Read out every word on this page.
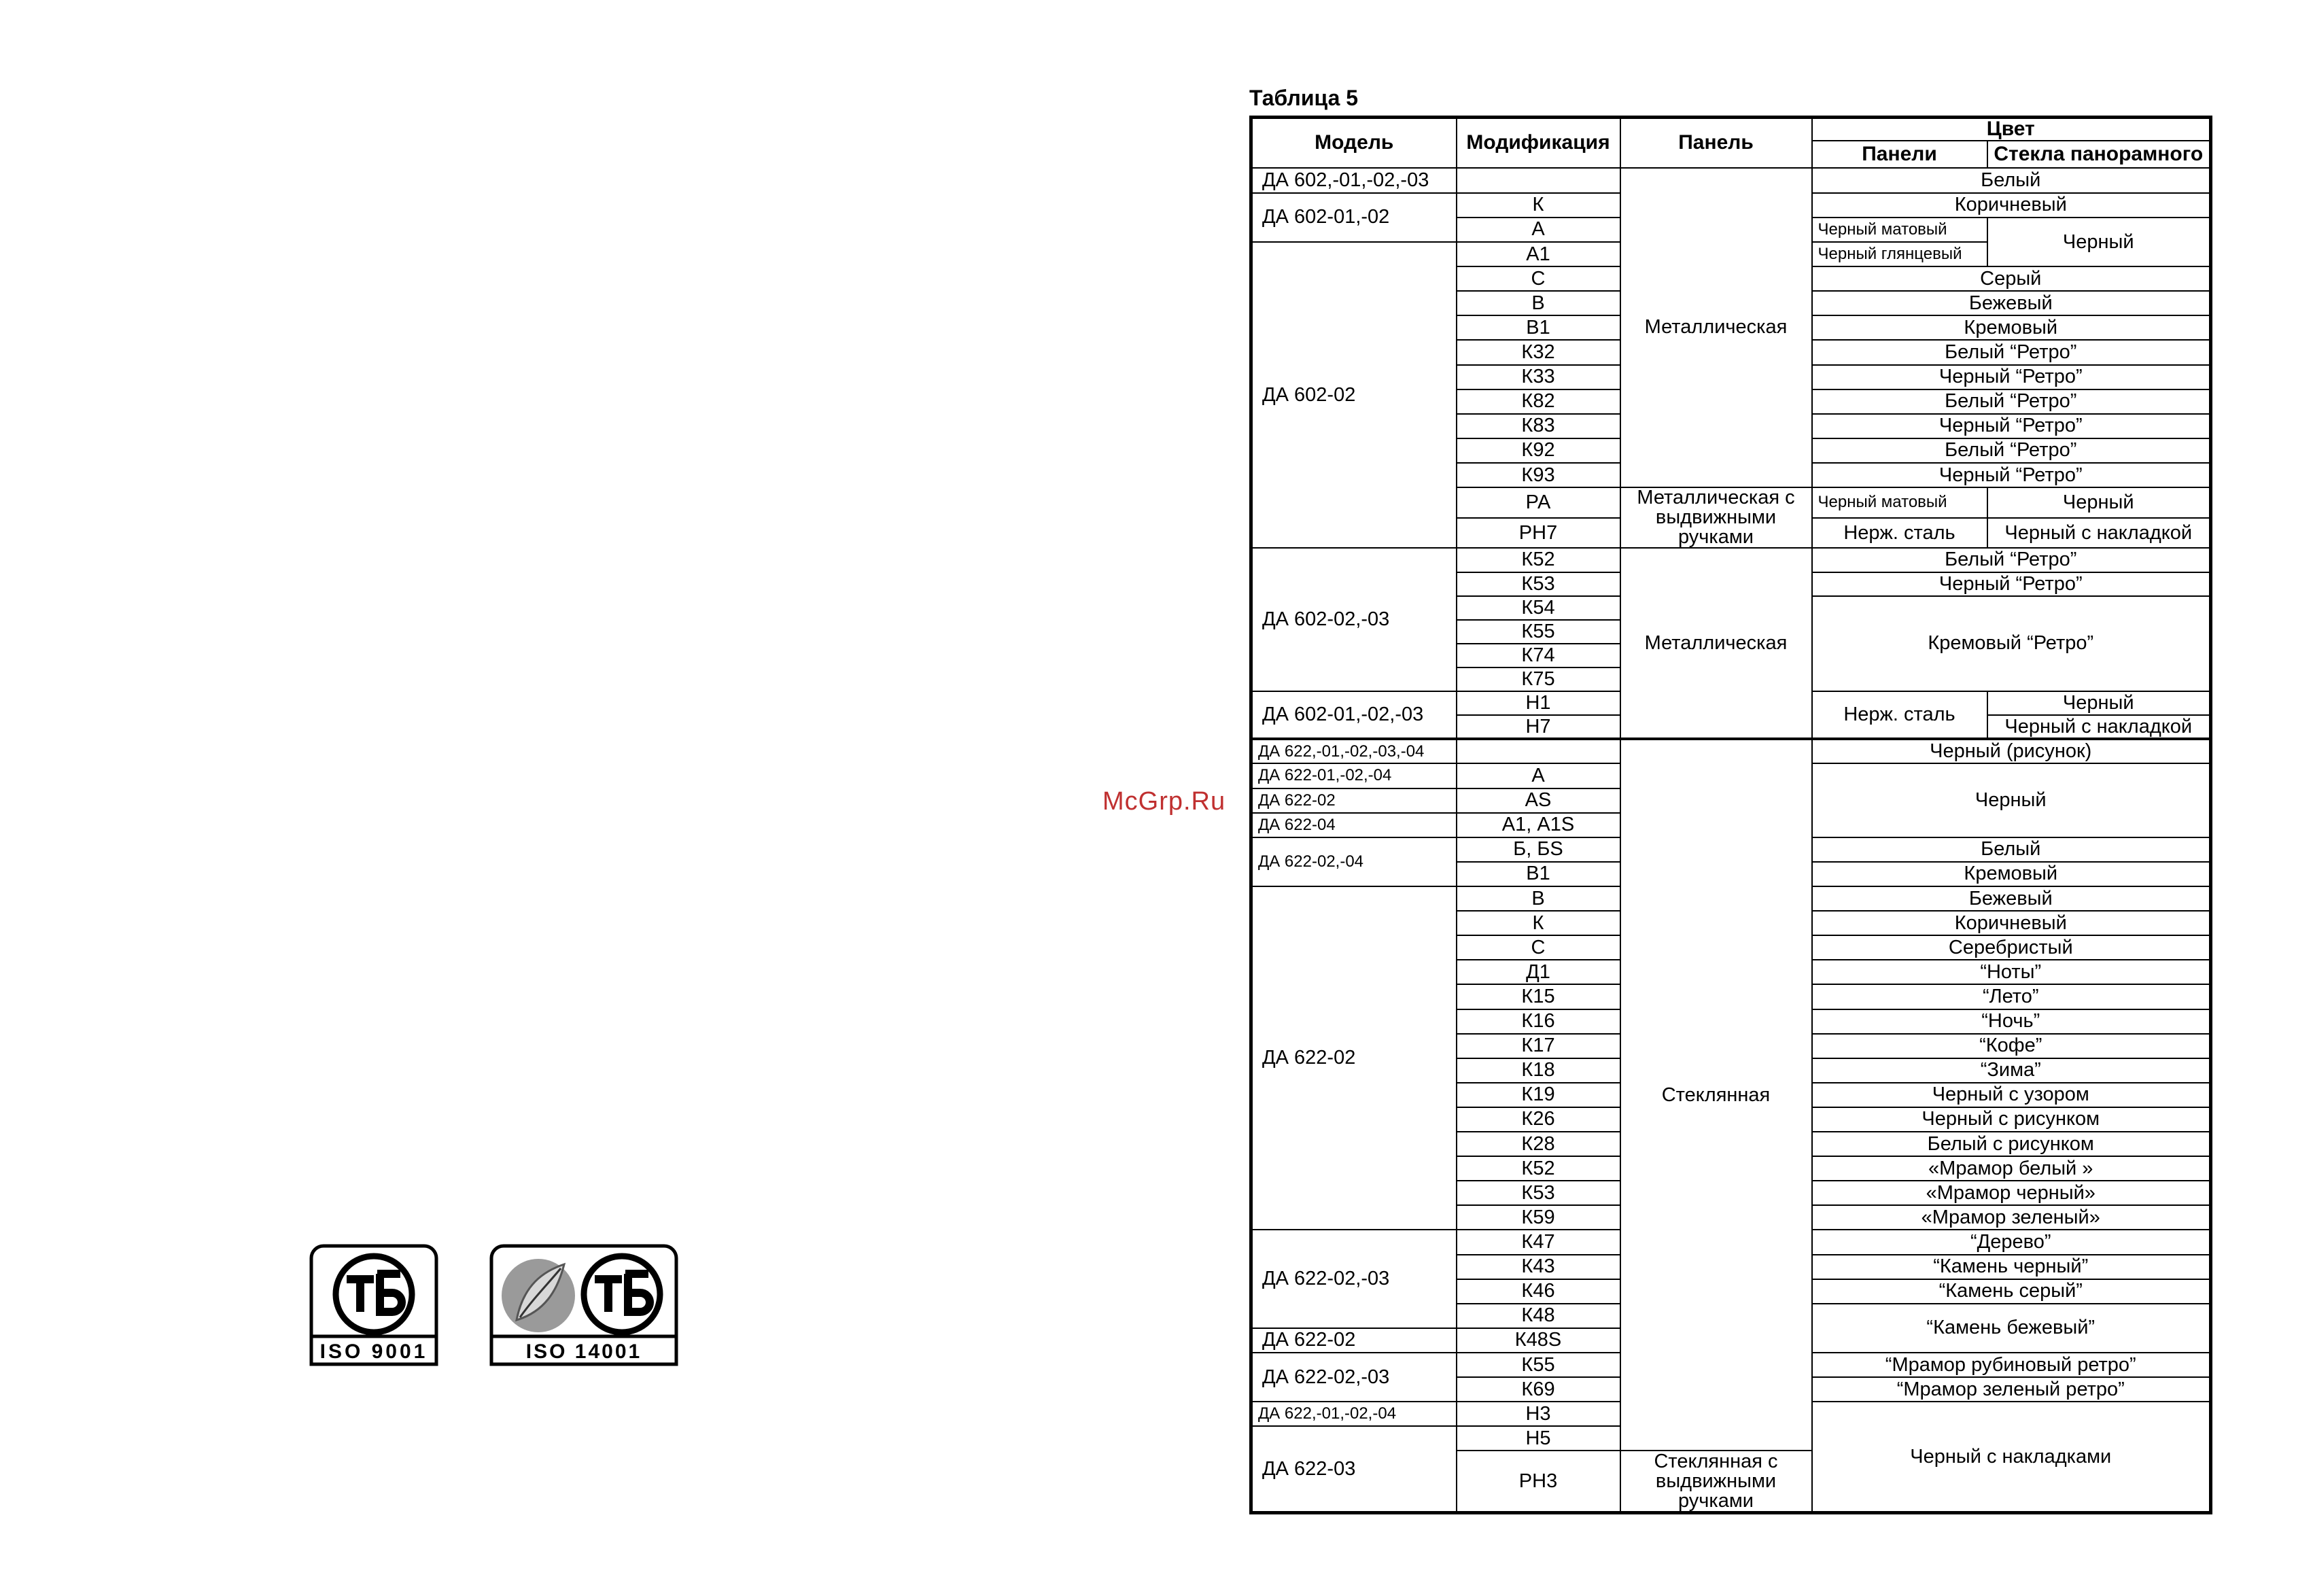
Таблица 5
McGrp.Ru
ISO 9001	ISO 14001
Модель	Модификация	Панель	Цвет	
			Панели	Стекла панорамного
ДА 602,-01,-02,-03		Металлическая	Белый	
ДА 602-01,-02	К		Коричневый	
	А		Черный матовый	Черный
ДА 602-02	А1		Черный глянцевый	
	С		Серый	
	В		Бежевый	
	В1		Кремовый	
	К32		Белый “Ретро”	
	К33		Черный “Ретро”	
	К82		Белый “Ретро”	
	К83		Черный “Ретро”	
	К92		Белый “Ретро”	
	К93		Черный “Ретро”	
	РА	Металлическая с выдвижными ручками	Черный матовый	Черный
	РН7		Нерж. сталь	Черный с накладкой
ДА 602-02,-03	К52	Металлическая	Белый “Ретро”	
	К53		Черный “Ретро”	
	К54		Кремовый “Ретро”	
	К55			
	К74			
	К75			
ДА 602-01,-02,-03	Н1		Нерж. сталь	Черный
	Н7			Черный с накладкой
ДА 622,-01,-02,-03,-04		Стеклянная	Черный (рисунок)	
ДА 622-01,-02,-04	А		Черный	
ДА 622-02	АS			
ДА 622-04	А1, А1S			
ДА 622-02,-04	Б, БS		Белый	
	В1		Кремовый	
ДА 622-02	В		Бежевый	
	К		Коричневый	
	С		Серебристый	
	Д1		“Ноты”	
	К15		“Лето”	
	К16		“Ночь”	
	К17		“Кофе”	
	К18		“Зима”	
	К19		Черный с узором	
	К26		Черный с рисунком	
	К28		Белый с рисунком	
	К52		«Мрамор белый »	
	К53		«Мрамор черный»	
	К59		«Мрамор зеленый»	
ДА 622-02,-03	К47		“Дерево”	
	К43		“Камень черный”	
	К46		“Камень серый”	
	К48		“Камень бежевый”	
ДА 622-02	К48S			
ДА 622-02,-03	К55		“Мрамор рубиновый ретро”	
	К69		“Мрамор зеленый ретро”	
ДА 622,-01,-02,-04	Н3		Черный с накладками	
ДА 622-03	Н5			
	РН3	Стеклянная с выдвижными ручками		
